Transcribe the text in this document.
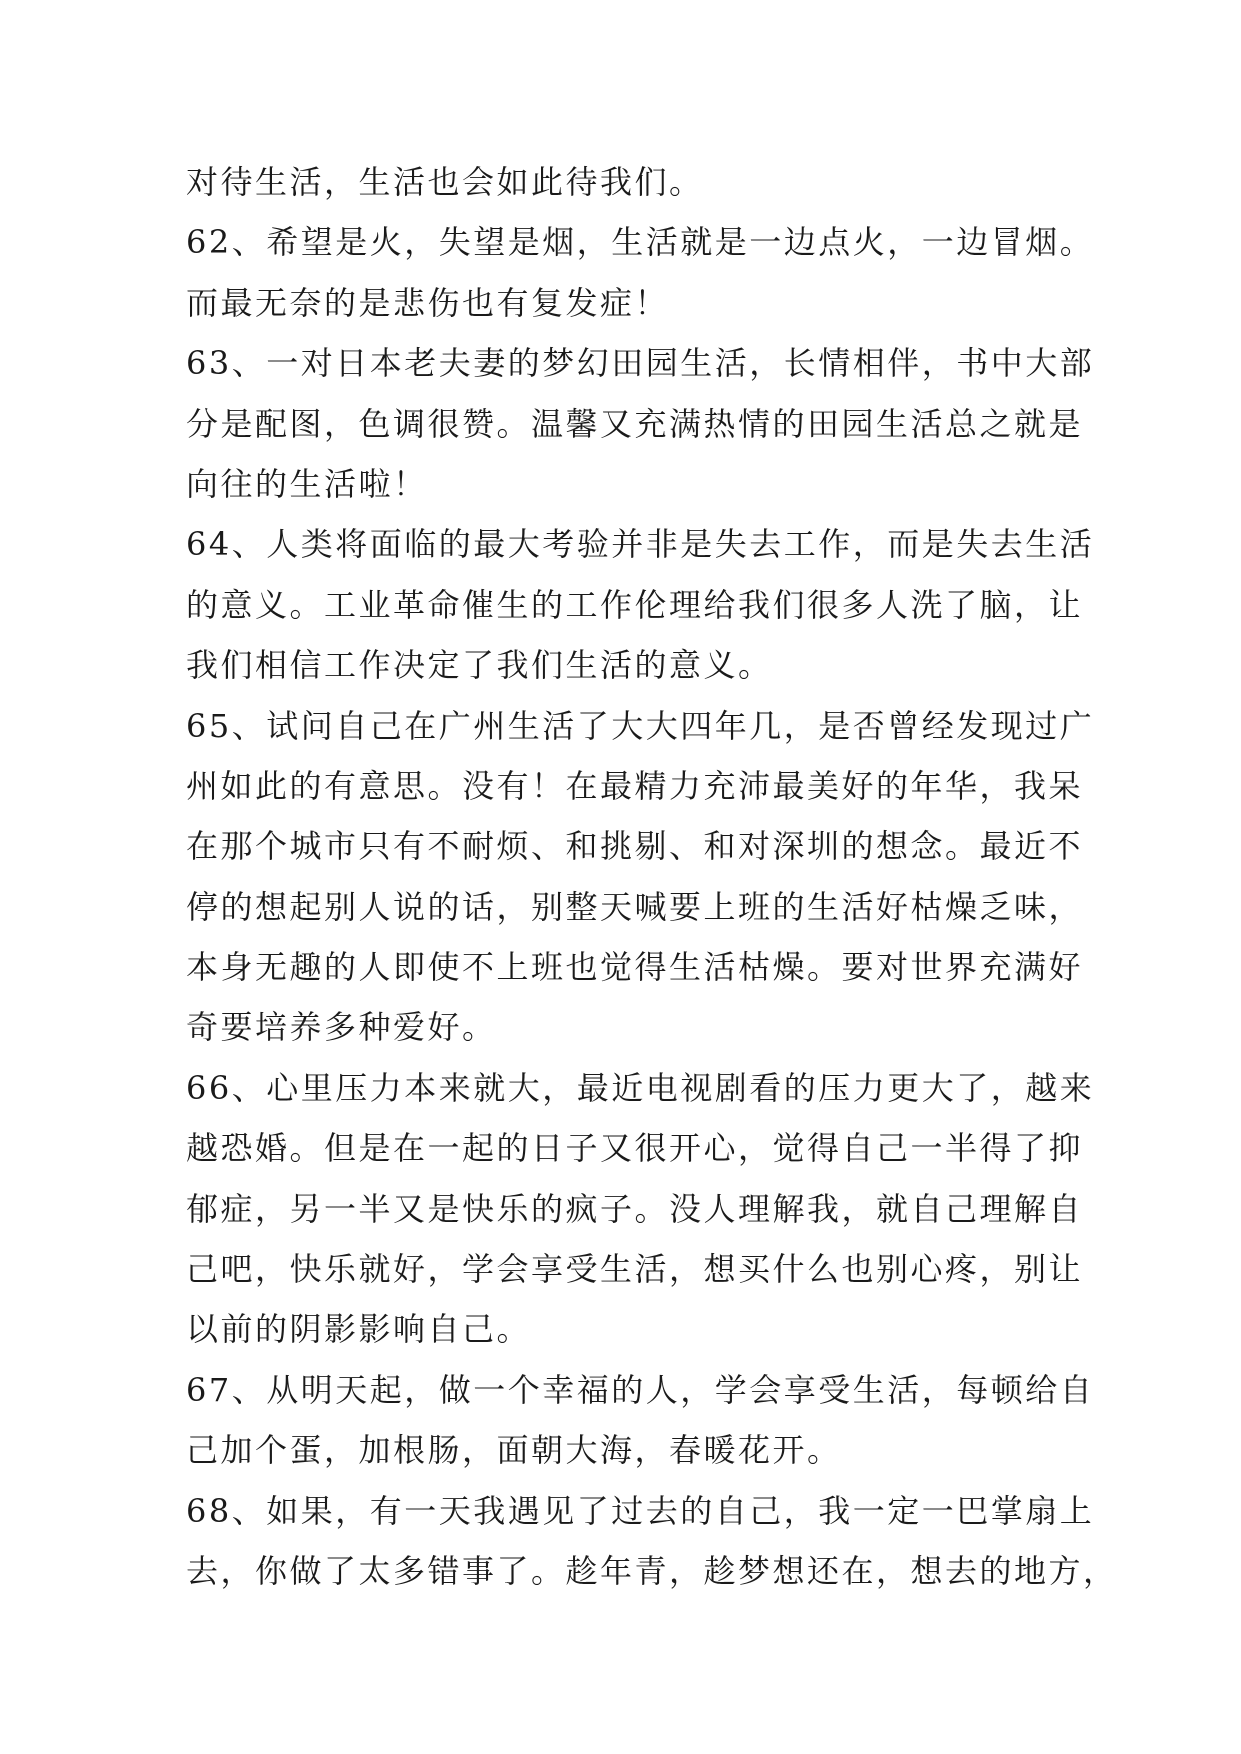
对待生活，生活也会如此待我们。
62、希望是火，失望是烟，生活就是一边点火，一边冒烟。
而最无奈的是悲伤也有复发症！
63、一对日本老夫妻的梦幻田园生活，长情相伴，书中大部
分是配图，色调很赞。温馨又充满热情的田园生活总之就是
向往的生活啦！
64、人类将面临的最大考验并非是失去工作，而是失去生活
的意义。工业革命催生的工作伦理给我们很多人洗了脑，让
我们相信工作决定了我们生活的意义。
65、试问自己在广州生活了大大四年几，是否曾经发现过广
州如此的有意思。没有！在最精力充沛最美好的年华，我呆
在那个城市只有不耐烦、和挑剔、和对深圳的想念。最近不
停的想起别人说的话，别整天喊要上班的生活好枯燥乏味，
本身无趣的人即使不上班也觉得生活枯燥。要对世界充满好
奇要培养多种爱好。
66、心里压力本来就大，最近电视剧看的压力更大了，越来
越恐婚。但是在一起的日子又很开心，觉得自己一半得了抑
郁症，另一半又是快乐的疯子。没人理解我，就自己理解自
己吧，快乐就好，学会享受生活，想买什么也别心疼，别让
以前的阴影影响自己。
67、从明天起，做一个幸福的人，学会享受生活，每顿给自
己加个蛋，加根肠，面朝大海，春暖花开。
68、如果，有一天我遇见了过去的自己，我一定一巴掌扇上
去，你做了太多错事了。趁年青，趁梦想还在，想去的地方，
